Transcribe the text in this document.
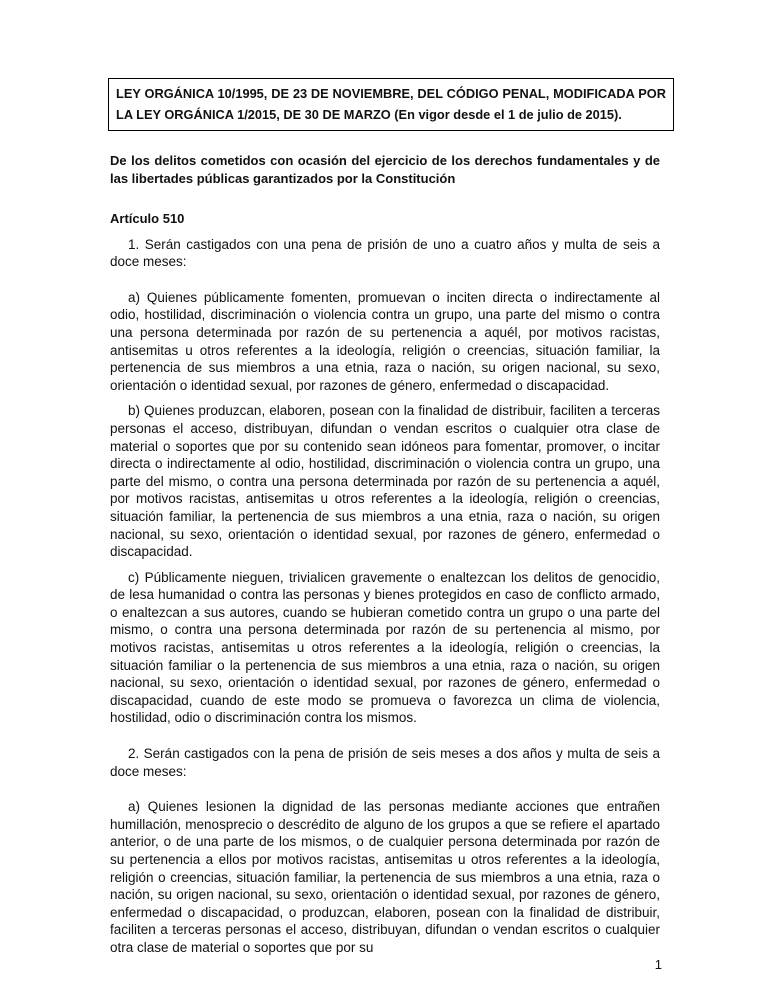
LEY ORGÁNICA 10/1995, DE 23 DE NOVIEMBRE, DEL CÓDIGO PENAL, MODIFICADA POR LA LEY ORGÁNICA 1/2015, DE 30 DE MARZO (En vigor desde el 1 de julio de 2015).

De los delitos cometidos con ocasión del ejercicio de los derechos fundamentales y de las libertades públicas garantizados por la Constitución

Artículo 510

1. Serán castigados con una pena de prisión de uno a cuatro años y multa de seis a doce meses:

a) Quienes públicamente fomenten, promuevan o inciten directa o indirectamente al odio, hostilidad, discriminación o violencia contra un grupo, una parte del mismo o contra una persona determinada por razón de su pertenencia a aquél, por motivos racistas, antisemitas u otros referentes a la ideología, religión o creencias, situación familiar, la pertenencia de sus miembros a una etnia, raza o nación, su origen nacional, su sexo, orientación o identidad sexual, por razones de género, enfermedad o discapacidad.

b) Quienes produzcan, elaboren, posean con la finalidad de distribuir, faciliten a terceras personas el acceso, distribuyan, difundan o vendan escritos o cualquier otra clase de material o soportes que por su contenido sean idóneos para fomentar, promover, o incitar directa o indirectamente al odio, hostilidad, discriminación o violencia contra un grupo, una parte del mismo, o contra una persona determinada por razón de su pertenencia a aquél, por motivos racistas, antisemitas u otros referentes a la ideología, religión o creencias, situación familiar, la pertenencia de sus miembros a una etnia, raza o nación, su origen nacional, su sexo, orientación o identidad sexual, por razones de género, enfermedad o discapacidad.

c) Públicamente nieguen, trivialicen gravemente o enaltezcan los delitos de genocidio, de lesa humanidad o contra las personas y bienes protegidos en caso de conflicto armado, o enaltezcan a sus autores, cuando se hubieran cometido contra un grupo o una parte del mismo, o contra una persona determinada por razón de su pertenencia al mismo, por motivos racistas, antisemitas u otros referentes a la ideología, religión o creencias, la situación familiar o la pertenencia de sus miembros a una etnia, raza o nación, su origen nacional, su sexo, orientación o identidad sexual, por razones de género, enfermedad o discapacidad, cuando de este modo se promueva o favorezca un clima de violencia, hostilidad, odio o discriminación contra los mismos.

2. Serán castigados con la pena de prisión de seis meses a dos años y multa de seis a doce meses:

a) Quienes lesionen la dignidad de las personas mediante acciones que entrañen humillación, menosprecio o descrédito de alguno de los grupos a que se refiere el apartado anterior, o de una parte de los mismos, o de cualquier persona determinada por razón de su pertenencia a ellos por motivos racistas, antisemitas u otros referentes a la ideología, religión o creencias, situación familiar, la pertenencia de sus miembros a una etnia, raza o nación, su origen nacional, su sexo, orientación o identidad sexual, por razones de género, enfermedad o discapacidad, o produzcan, elaboren, posean con la finalidad de distribuir, faciliten a terceras personas el acceso, distribuyan, difundan o vendan escritos o cualquier otra clase de material o soportes que por su

1
